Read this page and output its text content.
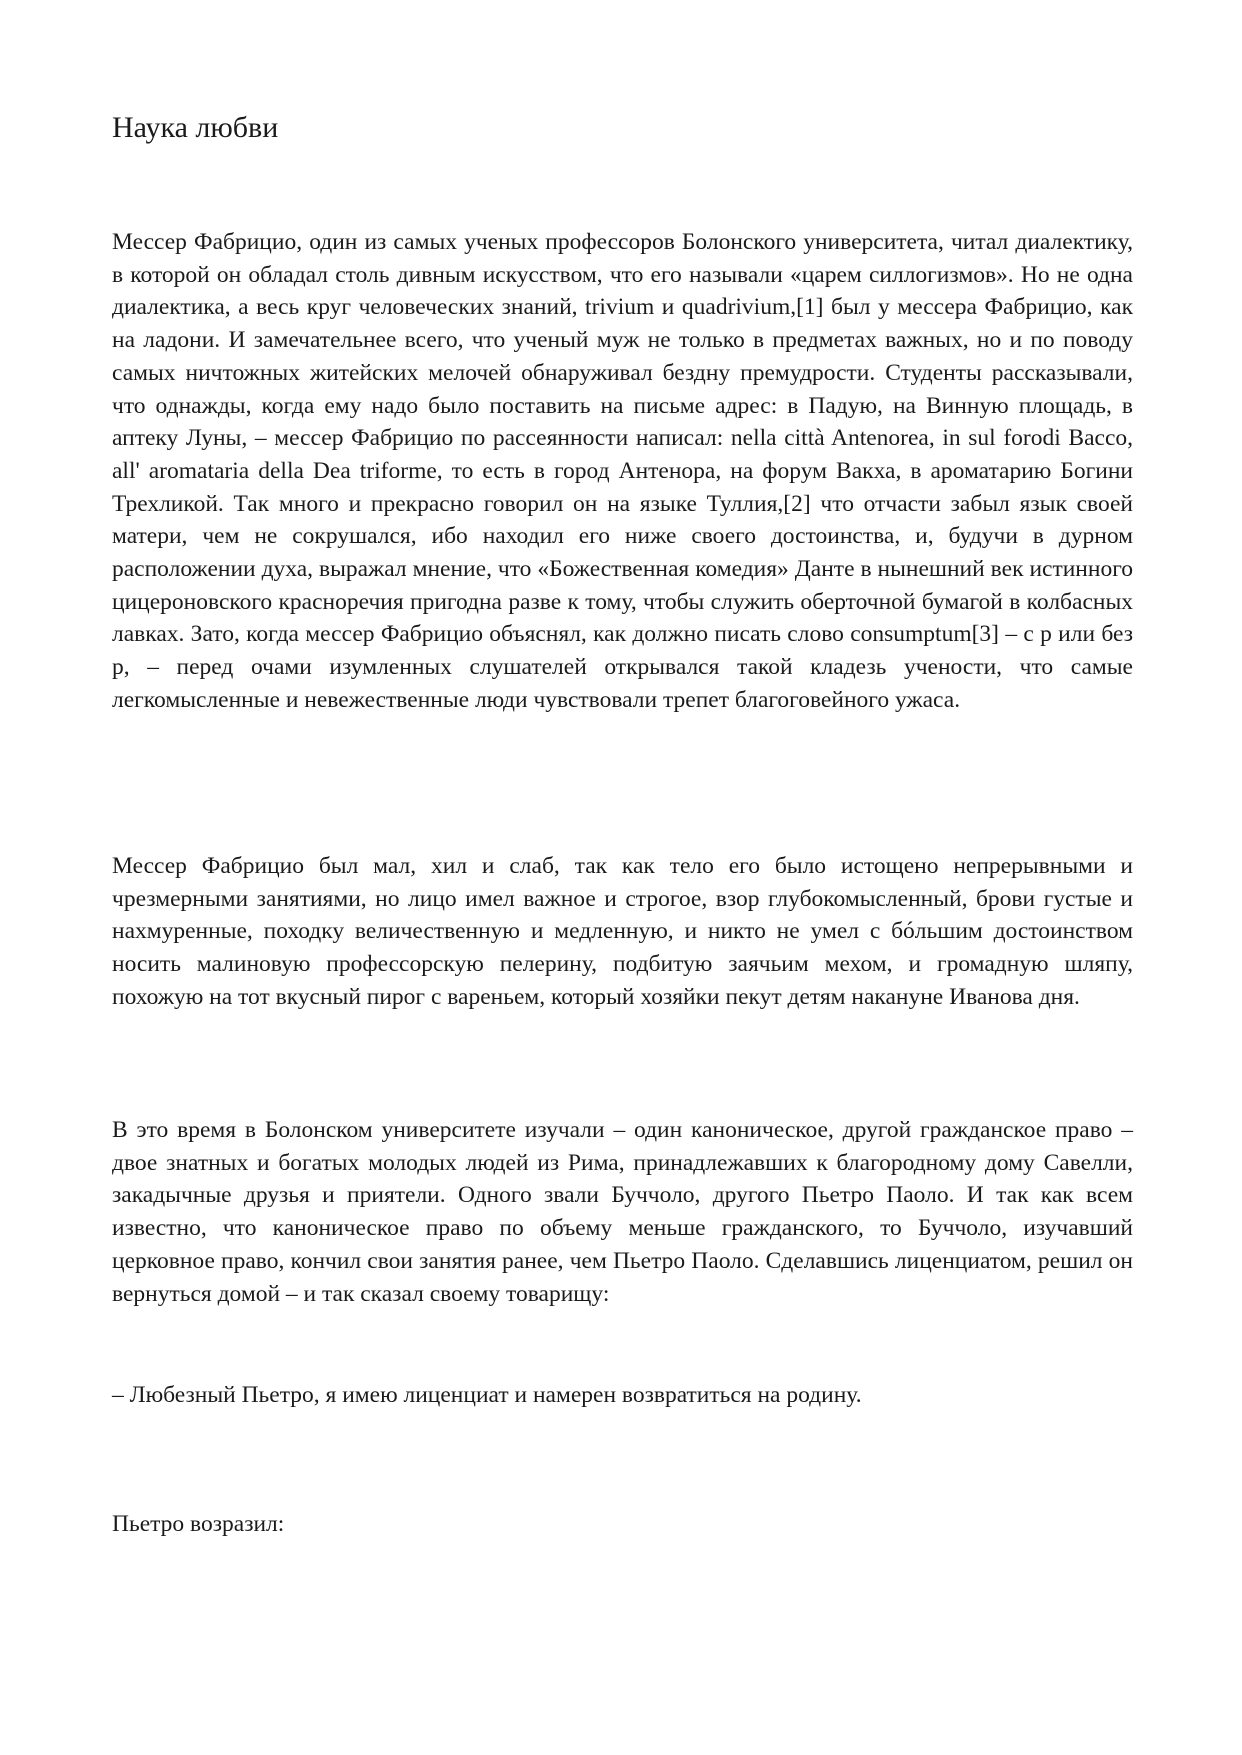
Наука любви

Мессер Фабрицио, один из самых ученых профессоров Болонского университета, читал диалектику, в которой он обладал столь дивным искусством, что его называли «царем силлогизмов». Но не одна диалектика, а весь круг человеческих знаний, trivium и quadrivium,[1] был у мессера Фабрицио, как на ладони. И замечательнее всего, что ученый муж не только в предметах важных, но и по поводу самых ничтожных житейских мелочей обнаруживал бездну премудрости. Студенты рассказывали, что однажды, когда ему надо было поставить на письме адрес: в Падую, на Винную площадь, в аптеку Луны, – мессер Фабрицио по рассеянности написал: nella città Antenorea, in sul forodi Bacco, all' aromataria della Dea triforme, то есть в город Антенора, на форум Вакха, в ароматарию Богини Трехликой. Так много и прекрасно говорил он на языке Туллия,[2] что отчасти забыл язык своей матери, чем не сокрушался, ибо находил его ниже своего достоинства, и, будучи в дурном расположении духа, выражал мнение, что «Божественная комедия» Данте в нынешний век истинного цицероновского красноречия пригодна разве к тому, чтобы служить оберточной бумагой в колбасных лавках. Зато, когда мессер Фабрицио объяснял, как должно писать слово consumptum[3] – с p или без p, – перед очами изумленных слушателей открывался такой кладезь учености, что самые легкомысленные и невежественные люди чувствовали трепет благоговейного ужаса.

Мессер Фабрицио был мал, хил и слаб, так как тело его было истощено непрерывными и чрезмерными занятиями, но лицо имел важное и строгое, взор глубокомысленный, брови густые и нахмуренные, походку величественную и медленную, и никто не умел с бóльшим достоинством носить малиновую профессорскую пелерину, подбитую заячьим мехом, и громадную шляпу, похожую на тот вкусный пирог с вареньем, который хозяйки пекут детям накануне Иванова дня.

В это время в Болонском университете изучали – один каноническое, другой гражданское право – двое знатных и богатых молодых людей из Рима, принадлежавших к благородному дому Савелли, закадычные друзья и приятели. Одного звали Буччоло, другого Пьетро Паоло. И так как всем известно, что каноническое право по объему меньше гражданского, то Буччоло, изучавший церковное право, кончил свои занятия ранее, чем Пьетро Паоло. Сделавшись лиценциатом, решил он вернуться домой – и так сказал своему товарищу:

– Любезный Пьетро, я имею лиценциат и намерен возвратиться на родину.

Пьетро возразил:
